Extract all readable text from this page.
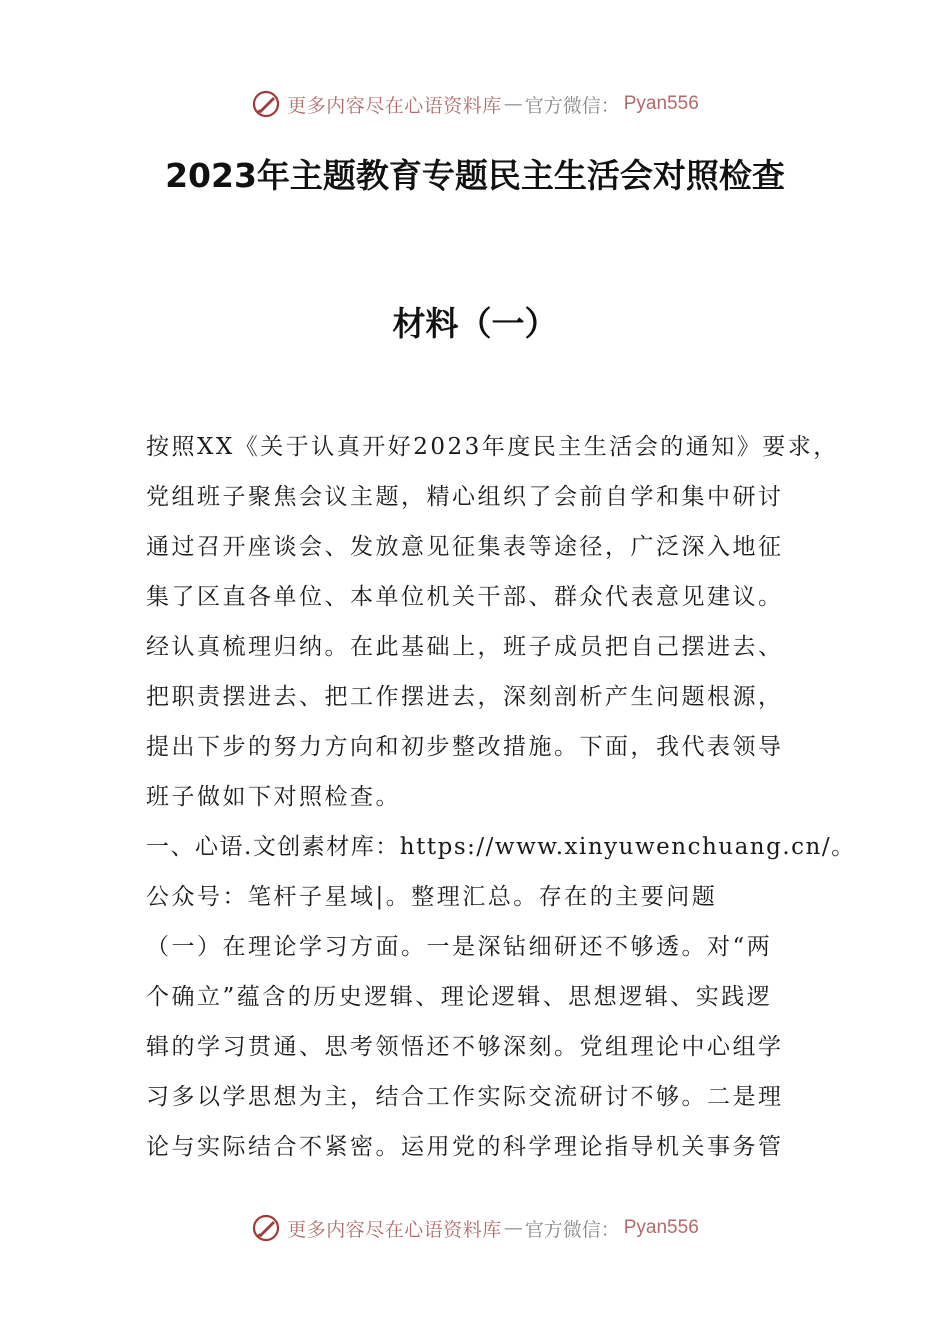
更多内容尽在心语资料库 — 官方微信： Pyan556
2023年主题教育专题民主生活会对照检查
材料（一）
按照XX《关于认真开好2023年度民主生活会的通知》要求，
党组班子聚焦会议主题，精心组织了会前自学和集中研讨
通过召开座谈会、发放意见征集表等途径，广泛深入地征
集了区直各单位、本单位机关干部、群众代表意见建议。
经认真梳理归纳。在此基础上，班子成员把自己摆进去、
把职责摆进去、把工作摆进去，深刻剖析产生问题根源，
提出下步的努力方向和初步整改措施。下面，我代表领导
班子做如下对照检查。
一、心语.文创素材库：https://www.xinyuwenchuang.cn/。
公众号：笔杆子星域|。整理汇总。存在的主要问题
（一）在理论学习方面。一是深钻细研还不够透。对“两
个确立”蕴含的历史逻辑、理论逻辑、思想逻辑、实践逻
辑的学习贯通、思考领悟还不够深刻。党组理论中心组学
习多以学思想为主，结合工作实际交流研讨不够。二是理
论与实际结合不紧密。运用党的科学理论指导机关事务管
更多内容尽在心语资料库 — 官方微信： Pyan556
